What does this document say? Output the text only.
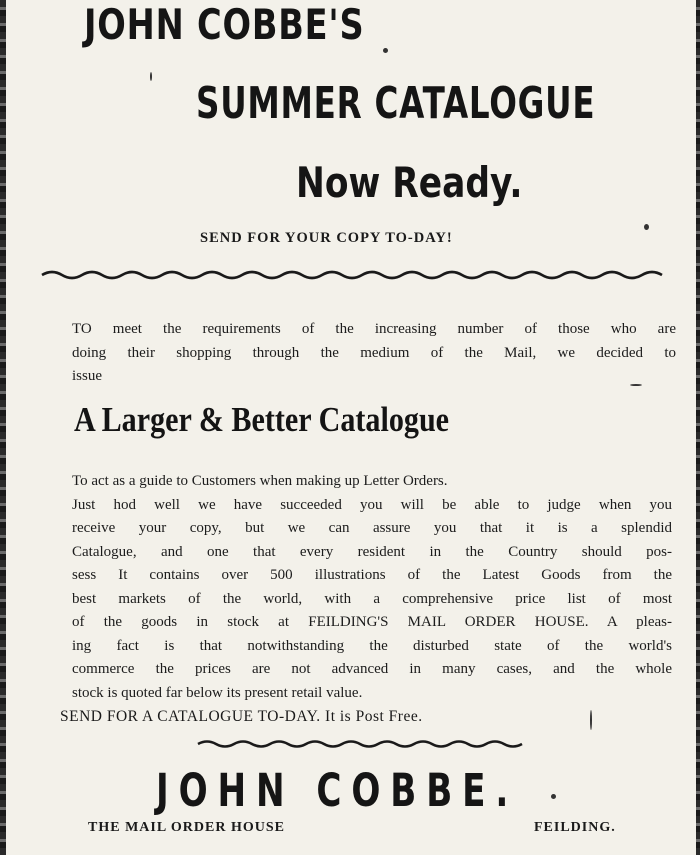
JOHN COBBE'S
SUMMER CATALOGUE
Now Ready.
SEND FOR YOUR COPY TO-DAY!
TO meet the requirements of the increasing number of those who are
doing their shopping through the medium of the Mail, we decided to
issue
A Larger & Better Catalogue
To act as a guide to Customers when making up Letter Orders.
Just hod well we have succeeded you will be able to judge when you
receive your copy, but we can assure you that it is a splendid
Catalogue, and one that every resident in the Country should pos-
sess It contains over 500 illustrations of the Latest Goods from the
best markets of the world, with a comprehensive price list of most
of the goods in stock at FEILDING'S MAIL ORDER HOUSE. A pleas-
ing fact is that notwithstanding the disturbed state of the world's
commerce the prices are not advanced in many cases, and the whole
stock is quoted far below its present retail value.
SEND FOR A CATALOGUE TO-DAY. It is Post Free.
JOHN COBBE.
THE MAIL ORDER HOUSE	FEILDING.
